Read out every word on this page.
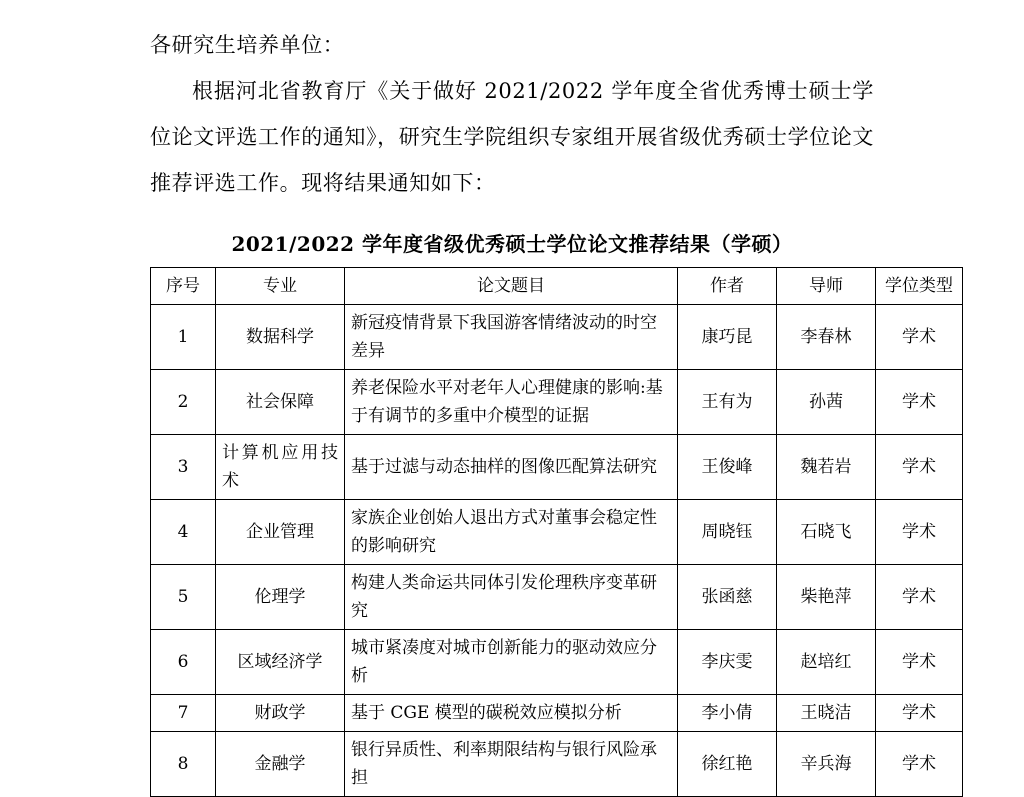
各研究生培养单位：

根据河北省教育厅《关于做好 2021/2022 学年度全省优秀博士硕士学位论文评选工作的通知》，研究生学院组织专家组开展省级优秀硕士学位论文推荐评选工作。现将结果通知如下：

2021/2022 学年度省级优秀硕士学位论文推荐结果（学硕）
序号	专业	论文题目	作者	导师	学位类型
1	数据科学	新冠疫情背景下我国游客情绪波动的时空差异	康巧昆	李春林	学术
2	社会保障	养老保险水平对老年人心理健康的影响:基于有调节的多重中介模型的证据	王有为	孙茜	学术
3	计算机应用技术	基于过滤与动态抽样的图像匹配算法研究	王俊峰	魏若岩	学术
4	企业管理	家族企业创始人退出方式对董事会稳定性的影响研究	周晓钰	石晓飞	学术
5	伦理学	构建人类命运共同体引发伦理秩序变革研究	张函慈	柴艳萍	学术
6	区域经济学	城市紧凑度对城市创新能力的驱动效应分析	李庆雯	赵培红	学术
7	财政学	基于 CGE 模型的碳税效应模拟分析	李小倩	王晓洁	学术
8	金融学	银行异质性、利率期限结构与银行风险承担	徐红艳	辛兵海	学术
